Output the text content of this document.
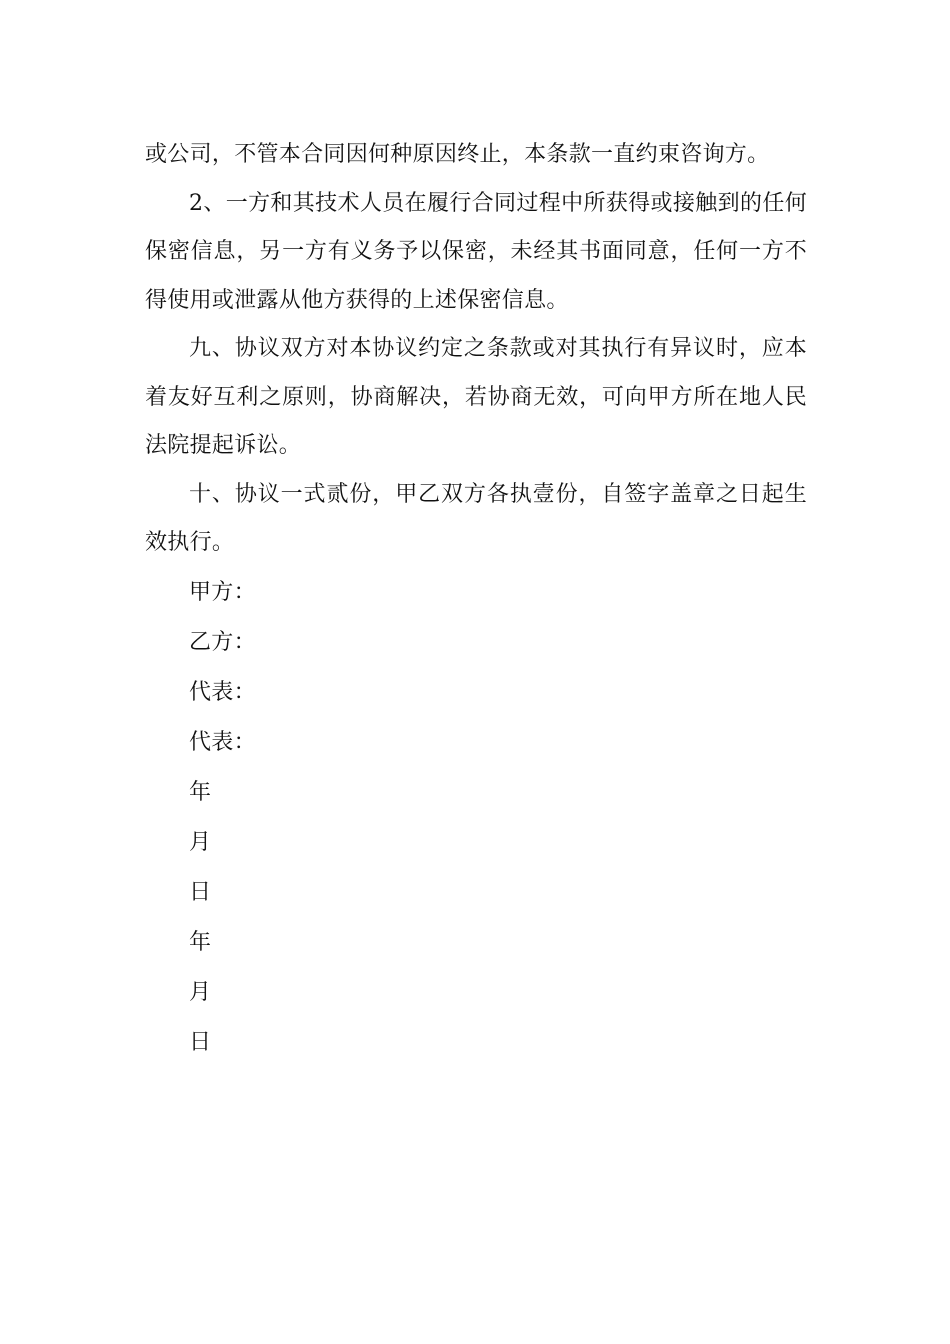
或公司，不管本合同因何种原因终止，本条款一直约束咨询方。

2、一方和其技术人员在履行合同过程中所获得或接触到的任何保密信息，另一方有义务予以保密，未经其书面同意，任何一方不得使用或泄露从他方获得的上述保密信息。

九、协议双方对本协议约定之条款或对其执行有异议时，应本着友好互利之原则，协商解决，若协商无效，可向甲方所在地人民法院提起诉讼。

十、协议一式贰份，甲乙双方各执壹份，自签字盖章之日起生效执行。

甲方：

乙方：

代表：

代表：

年

月

日

年

月

日
